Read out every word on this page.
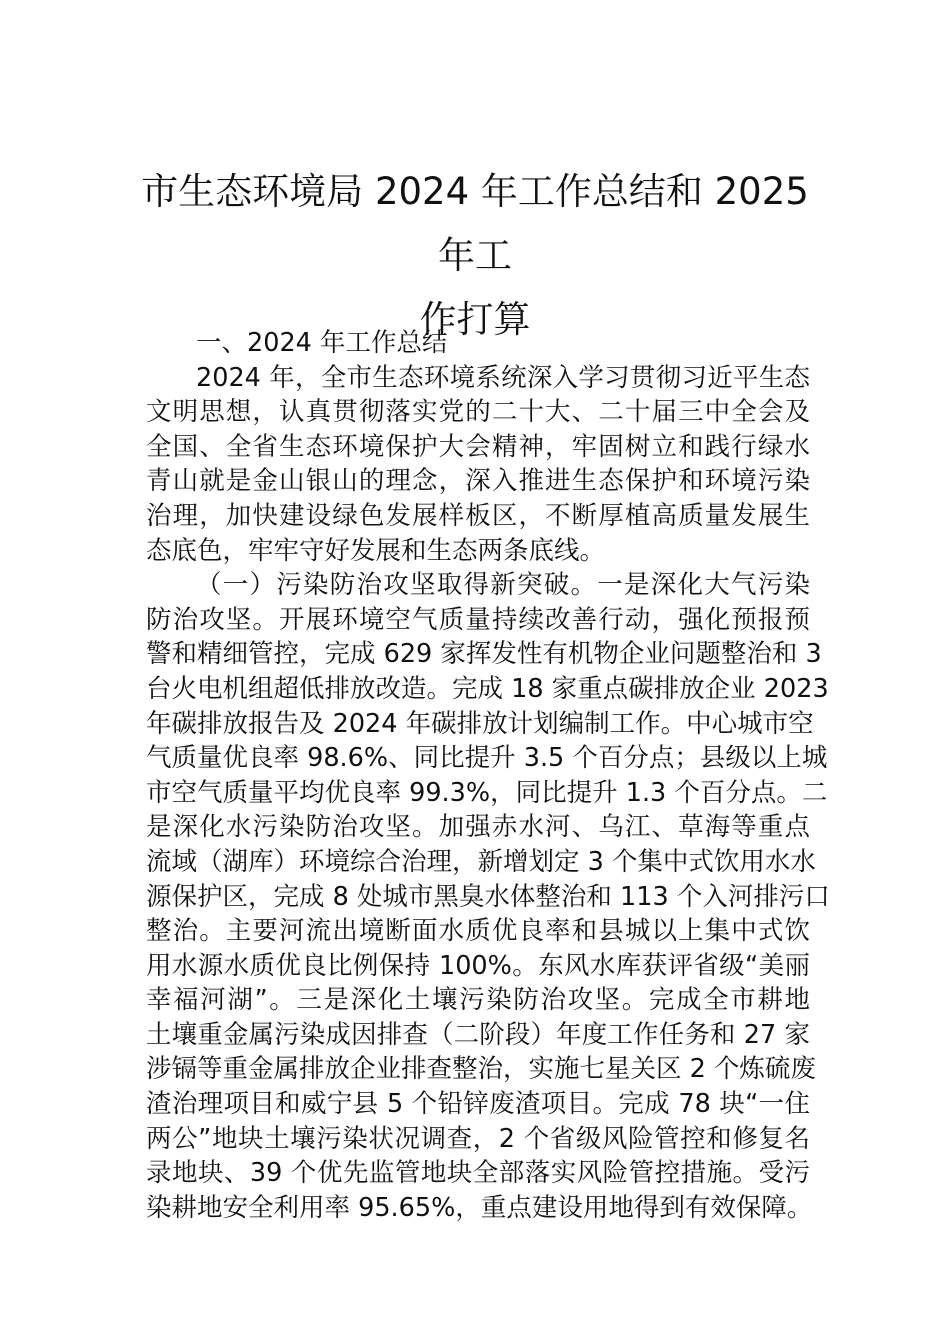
市生态环境局 2024 年工作总结和 2025 年工
作打算
一、2024 年工作总结
2024 年，全市生态环境系统深入学习贯彻习近平生态
文明思想，认真贯彻落实党的二十大、二十届三中全会及
全国、全省生态环境保护大会精神，牢固树立和践行绿水
青山就是金山银山的理念，深入推进生态保护和环境污染
治理，加快建设绿色发展样板区，不断厚植高质量发展生
态底色，牢牢守好发展和生态两条底线。
（一）污染防治攻坚取得新突破。一是深化大气污染
防治攻坚。开展环境空气质量持续改善行动，强化预报预
警和精细管控，完成 629 家挥发性有机物企业问题整治和 3
台火电机组超低排放改造。完成 18 家重点碳排放企业 2023
年碳排放报告及 2024 年碳排放计划编制工作。中心城市空
气质量优良率 98.6%、同比提升 3.5 个百分点；县级以上城
市空气质量平均优良率 99.3%，同比提升 1.3 个百分点。二
是深化水污染防治攻坚。加强赤水河、乌江、草海等重点
流域（湖库）环境综合治理，新增划定 3 个集中式饮用水水
源保护区，完成 8 处城市黑臭水体整治和 113 个入河排污口
整治。主要河流出境断面水质优良率和县城以上集中式饮
用水源水质优良比例保持 100%。东风水库获评省级“美丽
幸福河湖”。三是深化土壤污染防治攻坚。完成全市耕地
土壤重金属污染成因排查（二阶段）年度工作任务和 27 家
涉镉等重金属排放企业排查整治，实施七星关区 2 个炼硫废
渣治理项目和威宁县 5 个铅锌废渣项目。完成 78 块“一住
两公”地块土壤污染状况调查，2 个省级风险管控和修复名
录地块、39 个优先监管地块全部落实风险管控措施。受污
染耕地安全利用率 95.65%，重点建设用地得到有效保障。
